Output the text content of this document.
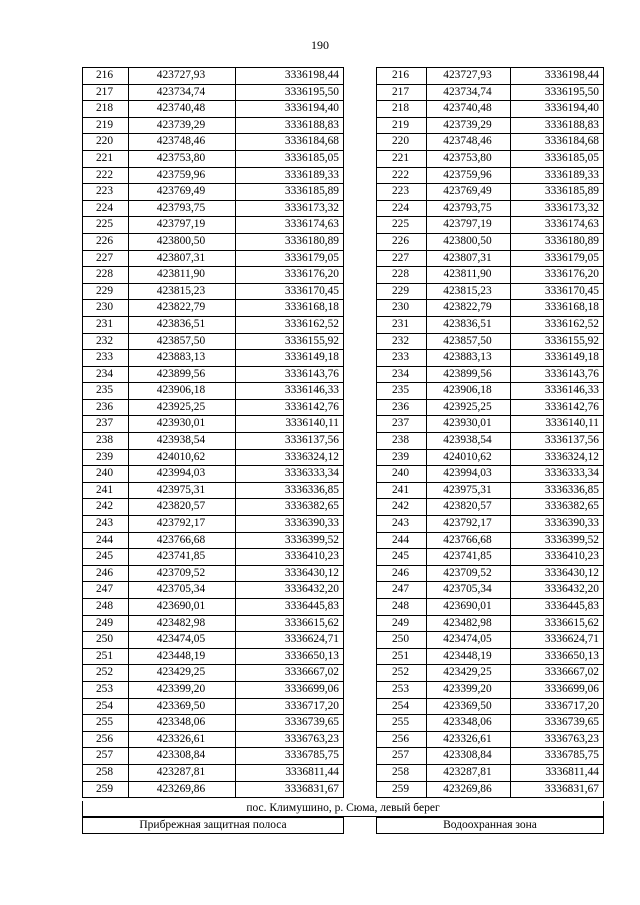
190
216	423727,93	3336198,44
217	423734,74	3336195,50
218	423740,48	3336194,40
219	423739,29	3336188,83
220	423748,46	3336184,68
221	423753,80	3336185,05
222	423759,96	3336189,33
223	423769,49	3336185,89
224	423793,75	3336173,32
225	423797,19	3336174,63
226	423800,50	3336180,89
227	423807,31	3336179,05
228	423811,90	3336176,20
229	423815,23	3336170,45
230	423822,79	3336168,18
231	423836,51	3336162,52
232	423857,50	3336155,92
233	423883,13	3336149,18
234	423899,56	3336143,76
235	423906,18	3336146,33
236	423925,25	3336142,76
237	423930,01	3336140,11
238	423938,54	3336137,56
239	424010,62	3336324,12
240	423994,03	3336333,34
241	423975,31	3336336,85
242	423820,57	3336382,65
243	423792,17	3336390,33
244	423766,68	3336399,52
245	423741,85	3336410,23
246	423709,52	3336430,12
247	423705,34	3336432,20
248	423690,01	3336445,83
249	423482,98	3336615,62
250	423474,05	3336624,71
251	423448,19	3336650,13
252	423429,25	3336667,02
253	423399,20	3336699,06
254	423369,50	3336717,20
255	423348,06	3336739,65
256	423326,61	3336763,23
257	423308,84	3336785,75
258	423287,81	3336811,44
259	423269,86	3336831,67
216	423727,93	3336198,44
217	423734,74	3336195,50
218	423740,48	3336194,40
219	423739,29	3336188,83
220	423748,46	3336184,68
221	423753,80	3336185,05
222	423759,96	3336189,33
223	423769,49	3336185,89
224	423793,75	3336173,32
225	423797,19	3336174,63
226	423800,50	3336180,89
227	423807,31	3336179,05
228	423811,90	3336176,20
229	423815,23	3336170,45
230	423822,79	3336168,18
231	423836,51	3336162,52
232	423857,50	3336155,92
233	423883,13	3336149,18
234	423899,56	3336143,76
235	423906,18	3336146,33
236	423925,25	3336142,76
237	423930,01	3336140,11
238	423938,54	3336137,56
239	424010,62	3336324,12
240	423994,03	3336333,34
241	423975,31	3336336,85
242	423820,57	3336382,65
243	423792,17	3336390,33
244	423766,68	3336399,52
245	423741,85	3336410,23
246	423709,52	3336430,12
247	423705,34	3336432,20
248	423690,01	3336445,83
249	423482,98	3336615,62
250	423474,05	3336624,71
251	423448,19	3336650,13
252	423429,25	3336667,02
253	423399,20	3336699,06
254	423369,50	3336717,20
255	423348,06	3336739,65
256	423326,61	3336763,23
257	423308,84	3336785,75
258	423287,81	3336811,44
259	423269,86	3336831,67
пос. Климушино, р. Сюма, левый берег
Прибрежная защитная полоса	Водоохранная зона
